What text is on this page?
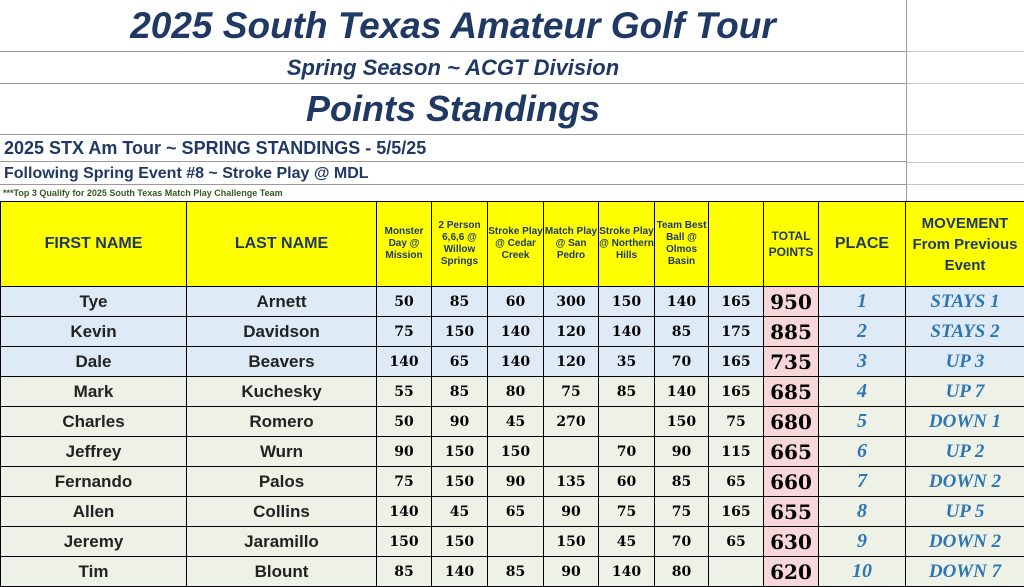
2025 South Texas Amateur Golf Tour
Spring Season ~ ACGT Division
Points Standings
2025 STX Am Tour ~ SPRING STANDINGS - 5/5/25
Following Spring Event #8 ~ Stroke Play @ MDL
***Top 3 Qualify for 2025 South Texas Match Play Challenge Team
FIRST NAME	LAST NAME	Monster Day @ Mission	2 Person 6,6,6 @ Willow Springs	Stroke Play @ Cedar Creek	Match Play @ San Pedro	Stroke Play @ Northern Hills	Team Best Ball @ Olmos Basin		TOTAL POINTS	PLACE	MOVEMENT From Previous Event
Tye	Arnett	50	85	60	300	150	140	165	950	1	STAYS 1
Kevin	Davidson	75	150	140	120	140	85	175	885	2	STAYS 2
Dale	Beavers	140	65	140	120	35	70	165	735	3	UP 3
Mark	Kuchesky	55	85	80	75	85	140	165	685	4	UP 7
Charles	Romero	50	90	45	270		150	75	680	5	DOWN 1
Jeffrey	Wurn	90	150	150		70	90	115	665	6	UP 2
Fernando	Palos	75	150	90	135	60	85	65	660	7	DOWN 2
Allen	Collins	140	45	65	90	75	75	165	655	8	UP 5
Jeremy	Jaramillo	150	150		150	45	70	65	630	9	DOWN 2
Tim	Blount	85	140	85	90	140	80		620	10	DOWN 7
